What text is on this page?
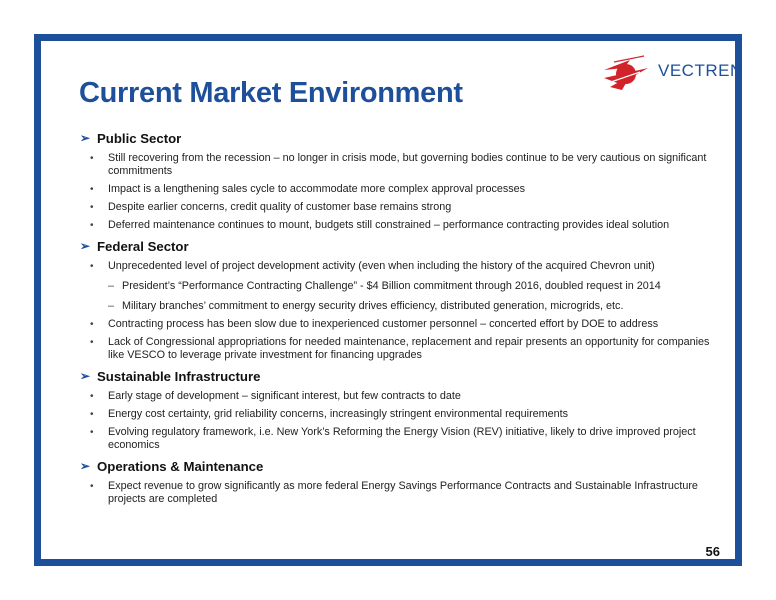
Current Market Environment
VECTREN
➢ Public Sector
• Still recovering from the recession – no longer in crisis mode, but governing bodies continue to be very cautious on significant commitments
• Impact is a lengthening sales cycle to accommodate more complex approval processes
• Despite earlier concerns, credit quality of customer base remains strong
• Deferred maintenance continues to mount, budgets still constrained – performance contracting provides ideal solution
➢ Federal Sector
• Unprecedented level of project development activity (even when including the history of the acquired Chevron unit)
– President’s “Performance Contracting Challenge” - $4 Billion commitment through 2016, doubled request in 2014
– Military branches’ commitment to energy security drives efficiency, distributed generation, microgrids, etc.
• Contracting process has been slow due to inexperienced customer personnel – concerted effort by DOE to address
• Lack of Congressional appropriations for needed maintenance, replacement and repair presents an opportunity for companies like VESCO to leverage private investment for financing upgrades
➢ Sustainable Infrastructure
• Early stage of development – significant interest, but few contracts to date
• Energy cost certainty, grid reliability concerns, increasingly stringent environmental requirements
• Evolving regulatory framework, i.e. New York’s Reforming the Energy Vision (REV) initiative, likely to drive improved project economics
➢ Operations & Maintenance
• Expect revenue to grow significantly as more federal Energy Savings Performance Contracts and Sustainable Infrastructure projects are completed
56
